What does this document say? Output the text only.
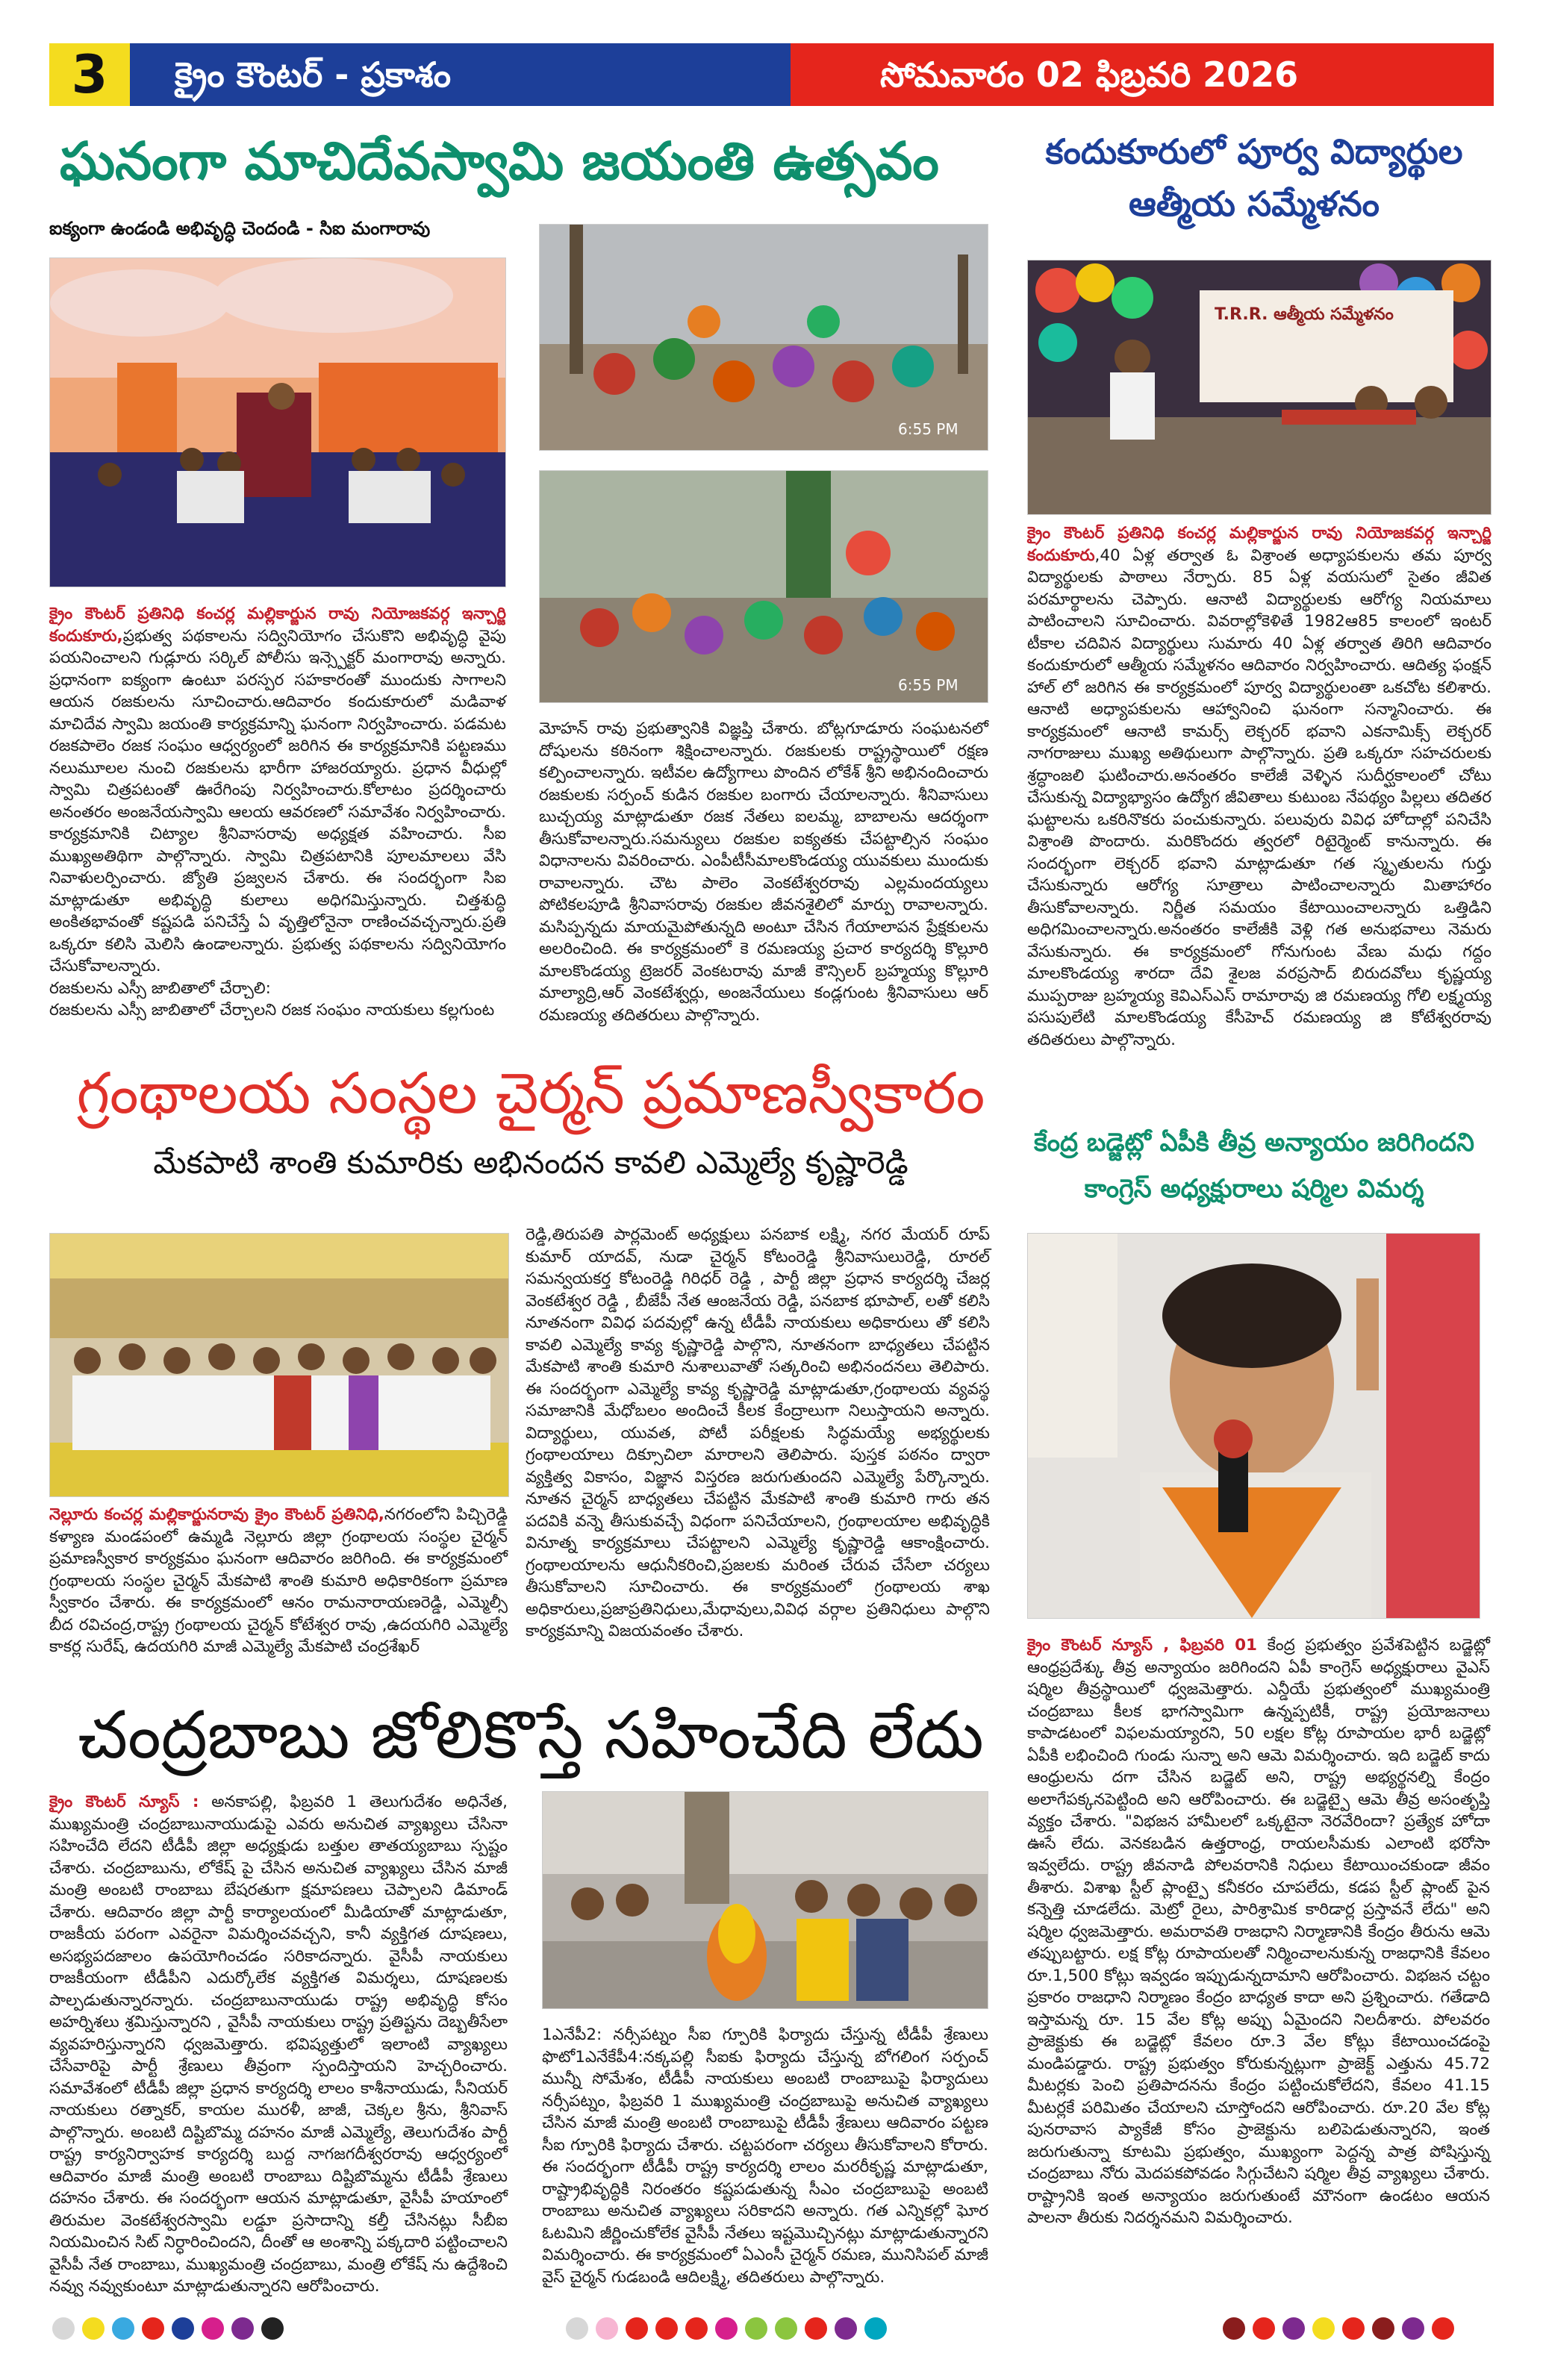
3	క్రైం కౌంటర్ - ప్రకాశం	సోమవారం 02 ఫిబ్రవరి 2026
ఘనంగా మాచిదేవస్వామి జయంతి ఉత్సవం
ఐక్యంగా ఉండండి అభివృద్ధి చెందండి - సిఐ మంగారావు
6:55 PM
6:55 PM
క్రైం కౌంటర్ ప్రతినిధి కంచర్ల మల్లికార్జున రావు నియోజకవర్గ ఇన్చార్జి కందుకూరు,ప్రభుత్వ పథకాలను సద్వినియోగం చేసుకొని అభివృద్ధి వైపు పయనించాలని గుడ్లూరు సర్కిల్ పోలీసు ఇన్స్పెక్టర్ మంగారావు అన్నారు. ప్రధానంగా ఐక్యంగా ఉంటూ పరస్పర సహకారంతో ముందుకు సాగాలని ఆయన రజకులను సూచించారు.ఆదివారం కందుకూరులో మడివాళ మాచిదేవ స్వామి జయంతి కార్యక్రమాన్ని ఘనంగా నిర్వహించారు. పడమట రజకపాలెం రజక సంఘం ఆధ్వర్యంలో జరిగిన ఈ కార్యక్రమానికి పట్టణము నలుమూలల నుంచి రజకులను భారీగా హాజరయ్యారు. ప్రధాన వీధుల్లో స్వామి చిత్రపటంతో ఊరేగింపు నిర్వహించారు.కోలాటం ప్రదర్శించారు అనంతరం అంజనేయస్వామి ఆలయ ఆవరణలో సమావేశం నిర్వహించారు. కార్యక్రమానికి చిట్యాల శ్రీనివాసరావు అధ్యక్షత వహించారు. సీఐ ముఖ్యఅతిథిగా పాల్గొన్నారు. స్వామి చిత్రపటానికి పూలమాలలు వేసి నివాళులర్పించారు. జ్యోతి ప్రజ్వలన చేశారు. ఈ సందర్భంగా సిఐ మాట్లాడుతూ అభివృద్ధి కులాలు అధిగమిస్తున్నారు. చిత్తశుద్ధి అంకితభావంతో కష్టపడి పనిచేస్తే ఏ వృత్తిలోనైనా రాణించవచ్చన్నారు.ప్రతి ఒక్కరూ కలిసి మెలిసి ఉండాలన్నారు. ప్రభుత్వ పథకాలను సద్వినియోగం చేసుకోవాలన్నారు.
రజకులను ఎస్సీ జాబితాలో చేర్చాలి:
రజకులను ఎస్సీ జాబితాలో చేర్చాలని రజక సంఘం నాయకులు కల్లగుంట
మోహన్ రావు ప్రభుత్వానికి విజ్ఞప్తి చేశారు. బోట్లగూడూరు సంఘటనలో దోషులను కఠినంగా శిక్షించాలన్నారు. రజకులకు రాష్ట్రస్థాయిలో రక్షణ కల్పించాలన్నారు. ఇటీవల ఉద్యోగాలు పొందిన లోకేశ్ శ్రీని అభినందించారు రజకులకు సర్పంచ్ కుడిన రజకుల బంగారు చేయాలన్నారు. శీనివాసులు బుచ్చయ్య మాట్లాడుతూ రజక నేతలు ఐలమ్మ, బాబాలను ఆదర్శంగా తీసుకోవాలన్నారు.సమన్యులు రజకుల ఐక్యతకు చేపట్టాల్సిన సంఘం విధానాలను వివరించారు. ఎంపీటీసీమాలకొండయ్య యువకులు ముందుకు రావాలన్నారు. చౌట పాలెం వెంకటేశ్వరరావు ఎల్లమందయ్యలు పోటికలపూడి శ్రీనివాసరావు రజకుల జీవనశైలిలో మార్పు రావాలన్నారు. మసిప్పన్నదు మాయమైపోతున్నది అంటూ చేసిన గేయాలాపన ప్రేక్షకులను అలరించింది. ఈ కార్యక్రమంలో కె రమణయ్య ప్రచార కార్యదర్శి కొల్లూరి మాలకొండయ్య ట్రెజరర్ వెంకటరావు మాజీ కౌన్సిలర్ బ్రహ్మయ్య కొల్లూరి మాల్యాద్రి,ఆర్ వెంకటేశ్వర్లు, అంజనేయులు కండ్లగుంట శ్రీనివాసులు ఆర్ రమణయ్య తదితరులు పాల్గొన్నారు.
కందుకూరులో పూర్వ విద్యార్థుల ఆత్మీయ సమ్మేళనం
T.R.R. ఆత్మీయ సమ్మేళనం
క్రైం కౌంటర్ ప్రతినిధి కంచర్ల మల్లికార్జున రావు నియోజకవర్గ ఇన్చార్జి కందుకూరు,40 ఏళ్ల తర్వాత ఓ విశ్రాంత అధ్యాపకులను తమ పూర్వ విద్యార్థులకు పాఠాలు నేర్పారు. 85 ఏళ్ల వయసులో సైతం జీవిత పరమార్థాలను చెప్పారు. ఆనాటి విద్యార్థులకు ఆరోగ్య నియమాలు పాటించాలని సూచించారు. వివరాల్లోకెళితే 1982ఆ85 కాలంలో ఇంటర్ టీకాల చదివిన విద్యార్థులు సుమారు 40 ఏళ్ల తర్వాత తిరిగి ఆదివారం కందుకూరులో ఆత్మీయ సమ్మేళనం ఆదివారం నిర్వహించారు. ఆదిత్య ఫంక్షన్ హాల్ లో జరిగిన ఈ కార్యక్రమంలో పూర్వ విద్యార్థులంతా ఒకచోట కలిశారు. ఆనాటి అధ్యాపకులను ఆహ్వానించి ఘనంగా సన్మానించారు. ఈ కార్యక్రమంలో ఆనాటి కామర్స్ లెక్చరర్ భవాని ఎకనామిక్స్ లెక్చరర్ నాగరాజులు ముఖ్య అతిథులుగా పాల్గొన్నారు. ప్రతి ఒక్కరూ సహచరులకు శ్రద్ధాంజలి ఘటించారు.అనంతరం కాలేజీ వెళ్ళిన సుదీర్ఘకాలంలో చోటు చేసుకున్న విద్యాభ్యాసం ఉద్యోగ జీవితాలు కుటుంబ నేపథ్యం పిల్లలు తదితర ఘట్టాలను ఒకరినొకరు పంచుకున్నారు. పలువురు వివిధ హోదాల్లో పనిచేసి విశ్రాంతి పొందారు. మరికొందరు త్వరలో రిటైర్మెంట్ కానున్నారు. ఈ సందర్భంగా లెక్చరర్ భవాని మాట్లాడుతూ గత స్మృతులను గుర్తు చేసుకున్నారు ఆరోగ్య సూత్రాలు పాటించాలన్నారు మితాహారం తీసుకోవాలన్నారు. నిర్ణీత సమయం కేటాయించాలన్నారు ఒత్తిడిని అధిగమించాలన్నారు.అనంతరం కాలేజీకి వెళ్లి గత అనుభవాలు నెమరు వేసుకున్నారు. ఈ కార్యక్రమంలో గోనుగుంట వేణు మధు గద్దం మాలకొండయ్య శారదా దేవి శైలజ వరప్రసాద్ బిరుదవోలు కృష్ణయ్య ముప్పరాజు బ్రహ్మయ్య కెవిఎస్ఎస్ రామారావు జి రమణయ్య గోలి లక్ష్మయ్య పసుపులేటి మాలకొండయ్య కేసీహెచ్ రమణయ్య జి కోటేశ్వరరావు తదితరులు పాల్గొన్నారు.
గ్రంథాలయ సంస్థల చైర్మన్ ప్రమాణస్వీకారం
మేకపాటి శాంతి కుమారికు అభినందన కావలి ఎమ్మెల్యే కృష్ణారెడ్డి
నెల్లూరు కంచర్ల మల్లికార్జునరావు క్రైం కౌంటర్ ప్రతినిధి,నగరంలోని పిచ్చిరెడ్డి కళ్యాణ మండపంలో ఉమ్మడి నెల్లూరు జిల్లా గ్రంథాలయ సంస్థల చైర్మన్ ప్రమాణస్వీకార కార్యక్రమం ఘనంగా ఆదివారం జరిగింది. ఈ కార్యక్రమంలో గ్రంథాలయ సంస్థల చైర్మన్ మేకపాటి శాంతి కుమారి అధికారికంగా ప్రమాణ స్వీకారం చేశారు. ఈ కార్యక్రమంలో ఆనం రామనారాయణరెడ్డి, ఎమ్మెల్సీ బీద రవిచంద్ర,రాష్ట్ర గ్రంథాలయ చైర్మన్ కోటేశ్వర రావు ,ఉదయగిరి ఎమ్మెల్యే కాకర్ల సురేష్, ఉదయగిరి మాజీ ఎమ్మెల్యే మేకపాటి చంద్రశేఖర్
రెడ్డి,తిరుపతి పార్లమెంట్ అధ్యక్షులు పనబాక లక్ష్మి, నగర మేయర్ రూప్ కుమార్ యాదవ్, నుడా చైర్మన్ కోటంరెడ్డి శ్రీనివాసులురెడ్డి, రూరల్ సమన్వయకర్త కోటంరెడ్డి గిరిధర్ రెడ్డి , పార్టీ జిల్లా ప్రధాన కార్యదర్శి చేజర్ల వెంకటేశ్వర రెడ్డి , బీజేపీ నేత ఆంజనేయ రెడ్డి, పనబాక భూపాల్, లతో కలిసి నూతనంగా వివిధ పదవుల్లో ఉన్న టీడీపీ నాయకులు అధికారులు తో కలిసి కావలి ఎమ్మెల్యే కావ్య కృష్ణారెడ్డి పాల్గొని, నూతనంగా బాధ్యతలు చేపట్టిన మేకపాటి శాంతి కుమారి నుశాలువాతో సత్కరించి అభినందనలు తెలిపారు. ఈ సందర్భంగా ఎమ్మెల్యే కావ్య కృష్ణారెడ్డి మాట్లాడుతూ,గ్రంథాలయ వ్యవస్థ సమాజానికి మేధోబలం అందించే కీలక కేంద్రాలుగా నిలుస్తాయని అన్నారు. విద్యార్థులు, యువత, పోటీ పరీక్షలకు సిద్ధమయ్యే అభ్యర్థులకు గ్రంథాలయాలు దిక్సూచిలా మారాలని తెలిపారు. పుస్తక పఠనం ద్వారా వ్యక్తిత్వ వికాసం, విజ్ఞాన విస్తరణ జరుగుతుందని ఎమ్మెల్యే పేర్కొన్నారు. నూతన చైర్మన్ బాధ్యతలు చేపట్టిన మేకపాటి శాంతి కుమారి గారు తన పదవికి వన్నె తీసుకువచ్చే విధంగా పనిచేయాలని, గ్రంథాలయాల అభివృద్ధికి వినూత్న కార్యక్రమాలు చేపట్టాలని ఎమ్మెల్యే కృష్ణారెడ్డి ఆకాంక్షించారు. గ్రంథాలయాలను ఆధునీకరించి,ప్రజలకు మరింత చేరువ చేసేలా చర్యలు తీసుకోవాలని సూచించారు. ఈ కార్యక్రమంలో గ్రంథాలయ శాఖ అధికారులు,ప్రజాప్రతినిధులు,మేధావులు,వివిధ వర్గాల ప్రతినిధులు పాల్గొని కార్యక్రమాన్ని విజయవంతం చేశారు.
కేంద్ర బడ్జెట్లో ఏపీకి తీవ్ర అన్యాయం జరిగిందని కాంగ్రెస్ అధ్యక్షురాలు షర్మిల విమర్శ
క్రైం కౌంటర్ న్యూస్ , ఫిబ్రవరి 01 కేంద్ర ప్రభుత్వం ప్రవేశపెట్టిన బడ్జెట్లో ఆంధ్రప్రదేశ్కు తీవ్ర అన్యాయం జరిగిందని ఏపీ కాంగ్రెస్ అధ్యక్షురాలు వైఎస్ షర్మిల తీవ్రస్థాయిలో ధ్వజమెత్తారు. ఎన్డీయే ప్రభుత్వంలో ముఖ్యమంత్రి చంద్రబాబు కీలక భాగస్వామిగా ఉన్నప్పటికీ, రాష్ట్ర ప్రయోజనాలు కాపాడటంలో విఫలమయ్యారని, 50 లక్షల కోట్ల రూపాయల భారీ బడ్జెట్లో ఏపీకి లభించింది గుండు సున్నా అని ఆమె విమర్శించారు. ఇది బడ్జెట్ కాదు ఆంధ్రులను దగా చేసిన బడ్జెట్ అని, రాష్ట్ర అభ్యర్థనల్ని కేంద్రం అలాగేపక్కనపెట్టింది అని ఆరోపించారు. ఈ బడ్జెట్పై ఆమె తీవ్ర అసంతృప్తి వ్యక్తం చేశారు. "విభజన హామీలలో ఒక్కటైనా నెరవేరిందా? ప్రత్యేక హోదా ఊసే లేదు. వెనకబడిన ఉత్తరాంధ్ర, రాయలసీమకు ఎలాంటి భరోసా ఇవ్వలేదు. రాష్ట్ర జీవనాడి పోలవరానికి నిధులు కేటాయించకుండా జీవం తీశారు. విశాఖ స్టీల్ ప్లాంట్పై కనీకరం చూపలేదు, కడప స్టీల్ ప్లాంట్ పైన కన్నెత్తి చూడలేదు. మెట్రో రైలు, పారిశ్రామిక కారిడార్ల ప్రస్తావనే లేదు" అని షర్మిల ధ్వజమెత్తారు. అమరావతి రాజధాని నిర్మాణానికి కేంద్రం తీరును ఆమె తప్పుబట్టారు. లక్ష కోట్ల రూపాయలతో నిర్మించాలనుకున్న రాజధానికి కేవలం రూ.1,500 కోట్లు ఇవ్వడం ఇప్పుడున్నదామాని ఆరోపించారు. విభజన చట్టం ప్రకారం రాజధాని నిర్మాణం కేంద్రం బాధ్యత కాదా అని ప్రశ్నించారు. గతేడాది ఇస్తామన్న రూ. 15 వేల కోట్ల అప్పు ఏమైందని నిలదీశారు. పోలవరం ప్రాజెక్టుకు ఈ బడ్జెట్లో కేవలం రూ.3 వేల కోట్లు కేటాయించడంపై మండిపడ్డారు. రాష్ట్ర ప్రభుత్వం కోరుకున్నట్లుగా ప్రాజెక్ట్ ఎత్తును 45.72 మీటర్లకు పెంచి ప్రతిపాదనను కేంద్రం పట్టించుకోలేదని, కేవలం 41.15 మీటర్లకే పరిమితం చేయాలని చూస్తోందని ఆరోపించారు. రూ.20 వేల కోట్ల పునరావాస ప్యాకేజీ కోసం ప్రాజెక్టును బలిపెడుతున్నారని, ఇంత జరుగుతున్నా కూటమి ప్రభుత్వం, ముఖ్యంగా పెద్దన్న పాత్ర పోషిస్తున్న చంద్రబాబు నోరు మెదపకపోవడం సిగ్గుచేటని షర్మిల తీవ్ర వ్యాఖ్యలు చేశారు. రాష్ట్రానికి ఇంత అన్యాయం జరుగుతుంటే మౌనంగా ఉండటం ఆయన పాలనా తీరుకు నిదర్శనమని విమర్శించారు.
చంద్రబాబు జోలికొస్తే సహించేది లేదు
క్రైం కౌంటర్ న్యూస్ : అనకాపల్లి, ఫిబ్రవరి 1 తెలుగుదేశం అధినేత, ముఖ్యమంత్రి చంద్రబాబునాయుడుపై ఎవరు అనుచిత వ్యాఖ్యలు చేసినా సహించేది లేదని టీడీపీ జిల్లా అధ్యక్షుడు బత్తుల తాతయ్యబాబు స్పష్టం చేశారు. చంద్రబాబును, లోకేష్ పై చేసిన అనుచిత వ్యాఖ్యలు చేసిన మాజీ మంత్రి అంబటి రాంబాబు బేషరతుగా క్షమాపణలు చెప్పాలని డిమాండ్ చేశారు. ఆదివారం జిల్లా పార్టీ కార్యాలయంలో మీడియాతో మాట్లాడుతూ, రాజకీయ పరంగా ఎవరైనా విమర్శించవచ్చని, కానీ వ్యక్తిగత దూషణలు, అసభ్యపదజాలం ఉపయోగించడం సరికాదన్నారు. వైసీపీ నాయకులు రాజకీయంగా టీడీపీని ఎదుర్కోలేక వ్యక్తిగత విమర్శలు, దూషణలకు పాల్పడుతున్నారన్నారు. చంద్రబాబునాయుడు రాష్ట్ర అభివృద్ధి కోసం అహర్నిశలు శ్రమిస్తున్నారని , వైసీపీ నాయకులు రాష్ట్ర ప్రతిష్టను దెబ్బతీసేలా వ్యవహరిస్తున్నారని ధ్వజమెత్తారు. భవిష్యత్తులో ఇలాంటి వ్యాఖ్యలు చేసేవారిపై పార్టీ శ్రేణులు తీవ్రంగా స్పందిస్తాయని హెచ్చరించారు. సమావేశంలో టీడీపీ జిల్లా ప్రధాన కార్యదర్శి లాలం కాశీనాయుడు, సీనియర్ నాయకులు రత్నాకర్, కాయల మురళీ, జాజీ, చెక్కల శ్రీను, శ్రీనివాస్ పాల్గొన్నారు. అంబటి దిష్టిబొమ్మ దహనం మాజీ ఎమ్మెల్యే, తెలుగుదేశం పార్టీ రాష్ట్ర కార్యనిర్వాహక కార్యదర్శి బుద్ద నాగజగదీశ్వరరావు ఆధ్వర్యంలో ఆదివారం మాజీ మంత్రి అంబటి రాంబాబు దిష్టిబొమ్మను టీడీపీ శ్రేణులు దహనం చేశారు. ఈ సందర్భంగా ఆయన మాట్లాడుతూ, వైసీపీ హయాంలో తిరుమల వెంకటేశ్వరస్వామి లడ్డూ ప్రసాదాన్ని కల్తీ చేసినట్లు సీబీఐ నియమించిన సిట్ నిర్ధారించిందని, దీంతో ఆ అంశాన్ని పక్కదారి పట్టించాలని వైసీపీ నేత రాంబాబు, ముఖ్యమంత్రి చంద్రబాబు, మంత్రి లోకేష్ ను ఉద్దేశించి నవ్వు నవ్వుకుంటూ మాట్లాడుతున్నారని ఆరోపించారు.
1ఎనేపీ2: నర్సీపట్నం సీఐ గ్పూరికి ఫిర్యాదు చేస్తున్న టీడీపీ శ్రేణులు ఫొటో1ఎనేకేపీ4:నక్కపల్లి సీఐకు ఫిర్యాదు చేస్తున్న బోగలింగ సర్పంచ్ మున్నీ సోమేశం, టీడీపీ నాయకులు అంబటి రాంబాబుపై ఫిర్యాదులు నర్సీపట్నం, ఫిబ్రవరి 1 ముఖ్యమంత్రి చంద్రబాబుపై అనుచిత వ్యాఖ్యలు చేసిన మాజీ మంత్రి అంబటి రాంబాబుపై టీడీపీ శ్రేణులు ఆదివారం పట్టణ సీఐ గ్పూరికి ఫిర్యాదు చేశారు. చట్టపరంగా చర్యలు తీసుకోవాలని కోరారు. ఈ సందర్భంగా టీడీపీ రాష్ట్ర కార్యదర్శి లాలం మరరీకృష్ణ మాట్లాడుతూ, రాష్ట్రాభివృద్ధికి నిరంతరం కష్టపడుతున్న సీఎం చంద్రబాబుపై అంబటి రాంబాబు అనుచిత వ్యాఖ్యలు సరికాదని అన్నారు. గత ఎన్నికల్లో ఘోర ఓటమిని జీర్ణించుకోలేక వైసీపీ నేతలు ఇష్టమొచ్చినట్లు మాట్లాడుతున్నారని విమర్శించారు. ఈ కార్యక్రమంలో ఏఎంసీ చైర్మన్ రమణ, మునిసిపల్ మాజీ వైస్ చైర్మన్ గుడబండి ఆదిలక్ష్మి, తదితరులు పాల్గొన్నారు.
